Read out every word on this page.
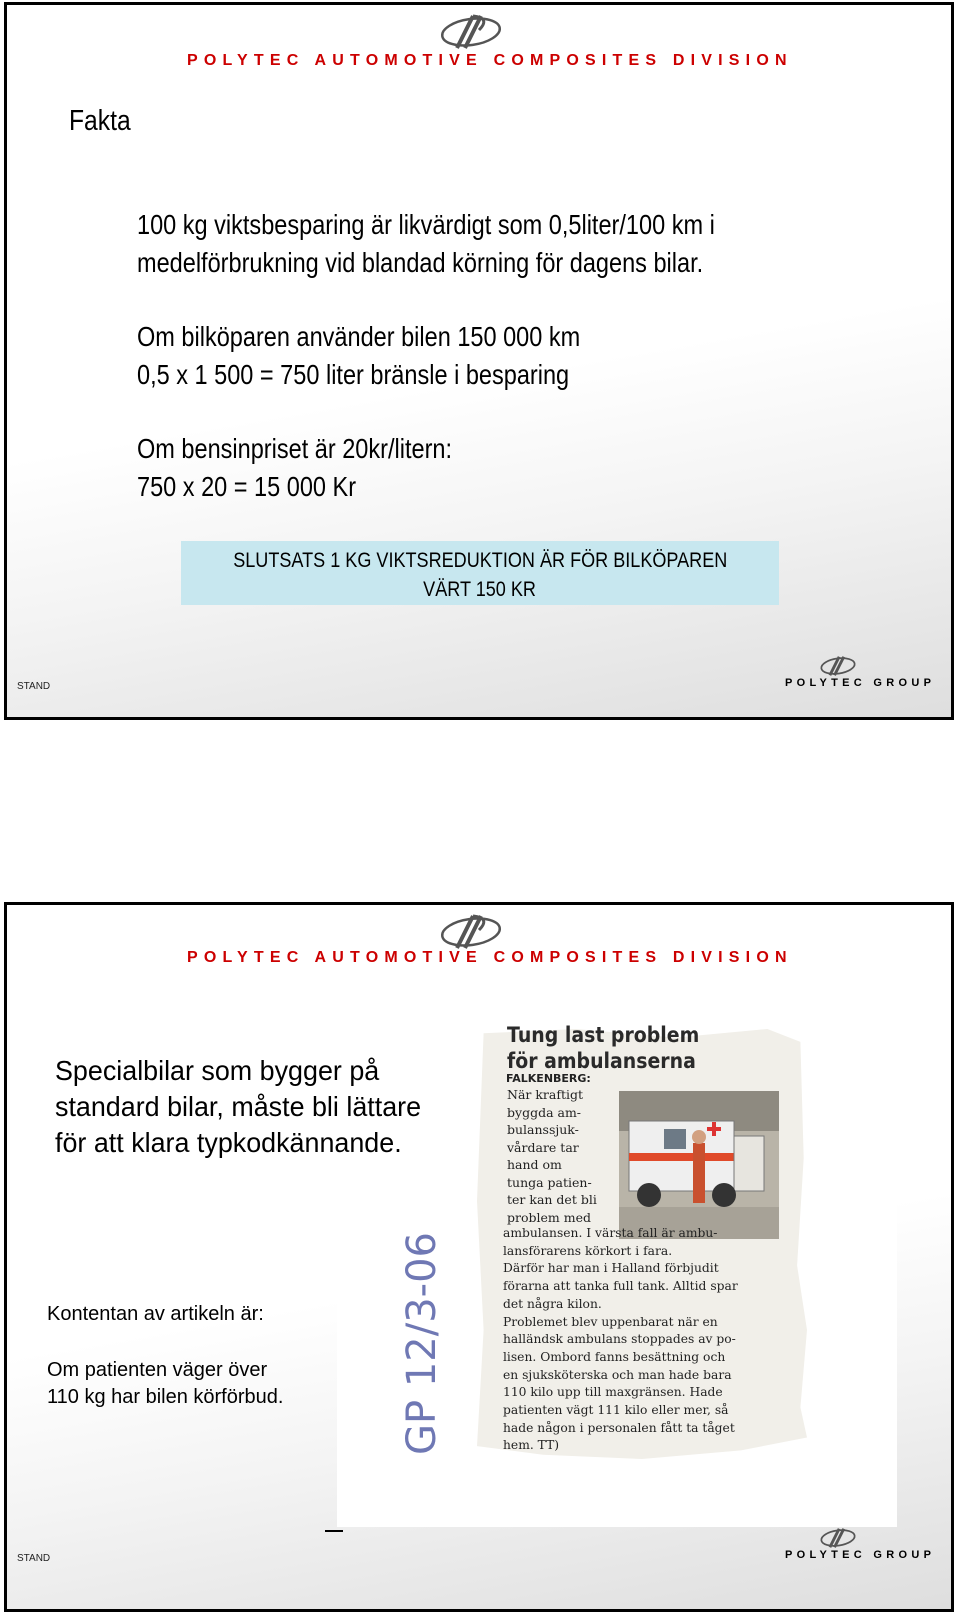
POLYTEC AUTOMOTIVE COMPOSITES DIVISION
Fakta
100 kg viktsbesparing är likvärdigt som 0,5liter/100 km i
medelförbrukning vid blandad körning för dagens bilar.
Om bilköparen använder bilen 150 000 km
0,5 x 1 500 = 750 liter bränsle i besparing
Om bensinpriset är 20kr/litern:
750 x 20 = 15 000 Kr
SLUTSATS 1 KG VIKTSREDUKTION ÄR FÖR BILKÖPAREN
VÄRT 150 KR
STAND	POLYTEC GROUP
POLYTEC AUTOMOTIVE COMPOSITES DIVISION
Tung last problem
för ambulanserna
FALKENBERG:
När kraftigt
byggda am-
bulanssjuk-
vårdare tar
hand om
tunga patien-
ter kan det bli
problem med
ambulansen. I värsta fall är ambu-
lansförarens körkort i fara.
Därför har man i Halland förbjudit
förarna att tanka full tank. Alltid spar
det några kilon.
Problemet blev uppenbarat när en
halländsk ambulans stoppades av po-
lisen. Ombord fanns besättning och
en sjuksköterska och man hade bara
110 kilo upp till maxgränsen. Hade
patienten vägt 111 kilo eller mer, så
hade någon i personalen fått ta tåget
hem. TT)
GP 12/3-06
Specialbilar som bygger på
standard bilar, måste bli lättare
för att klara typkodkännande.
Kontentan av artikeln är:
Om patienten väger över
110 kg har bilen körförbud.
STAND	POLYTEC GROUP
